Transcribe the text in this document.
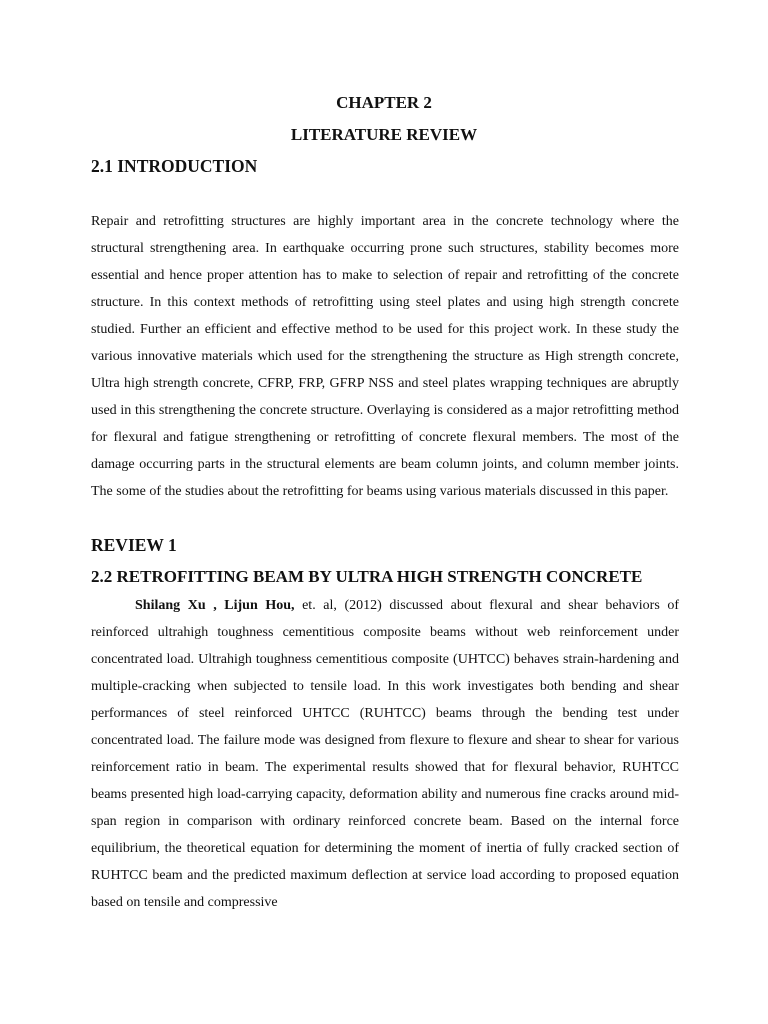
CHAPTER 2
LITERATURE REVIEW
2.1 INTRODUCTION

Repair and retrofitting structures are highly important area in the concrete technology where the structural strengthening area. In earthquake occurring prone such structures, stability becomes more essential and hence proper attention has to make to selection of repair and retrofitting of the concrete structure. In this context methods of retrofitting using steel plates and using high strength concrete studied. Further an efficient and effective method to be used for this project work. In these study the various innovative materials which used for the strengthening the structure as High strength concrete, Ultra high strength concrete, CFRP, FRP, GFRP NSS and steel plates wrapping techniques are abruptly used in this strengthening the concrete structure. Overlaying is considered as a major retrofitting method for flexural and fatigue strengthening or retrofitting of concrete flexural members. The most of the damage occurring parts in the structural elements are beam column joints, and column member joints. The some of the studies about the retrofitting for beams using various materials discussed in this paper.

REVIEW 1
2.2 RETROFITTING BEAM BY ULTRA HIGH STRENGTH CONCRETE

Shilang Xu , Lijun Hou, et. al, (2012) discussed about flexural and shear behaviors of reinforced ultrahigh toughness cementitious composite beams without web reinforcement under concentrated load. Ultrahigh toughness cementitious composite (UHTCC) behaves strain-hardening and multiple-cracking when subjected to tensile load. In this work investigates both bending and shear performances of steel reinforced UHTCC (RUHTCC) beams through the bending test under concentrated load. The failure mode was designed from flexure to flexure and shear to shear for various reinforcement ratio in beam. The experimental results showed that for flexural behavior, RUHTCC beams presented high load-carrying capacity, deformation ability and numerous fine cracks around mid-span region in comparison with ordinary reinforced concrete beam. Based on the internal force equilibrium, the theoretical equation for determining the moment of inertia of fully cracked section of RUHTCC beam and the predicted maximum deflection at service load according to proposed equation based on tensile and compressive
